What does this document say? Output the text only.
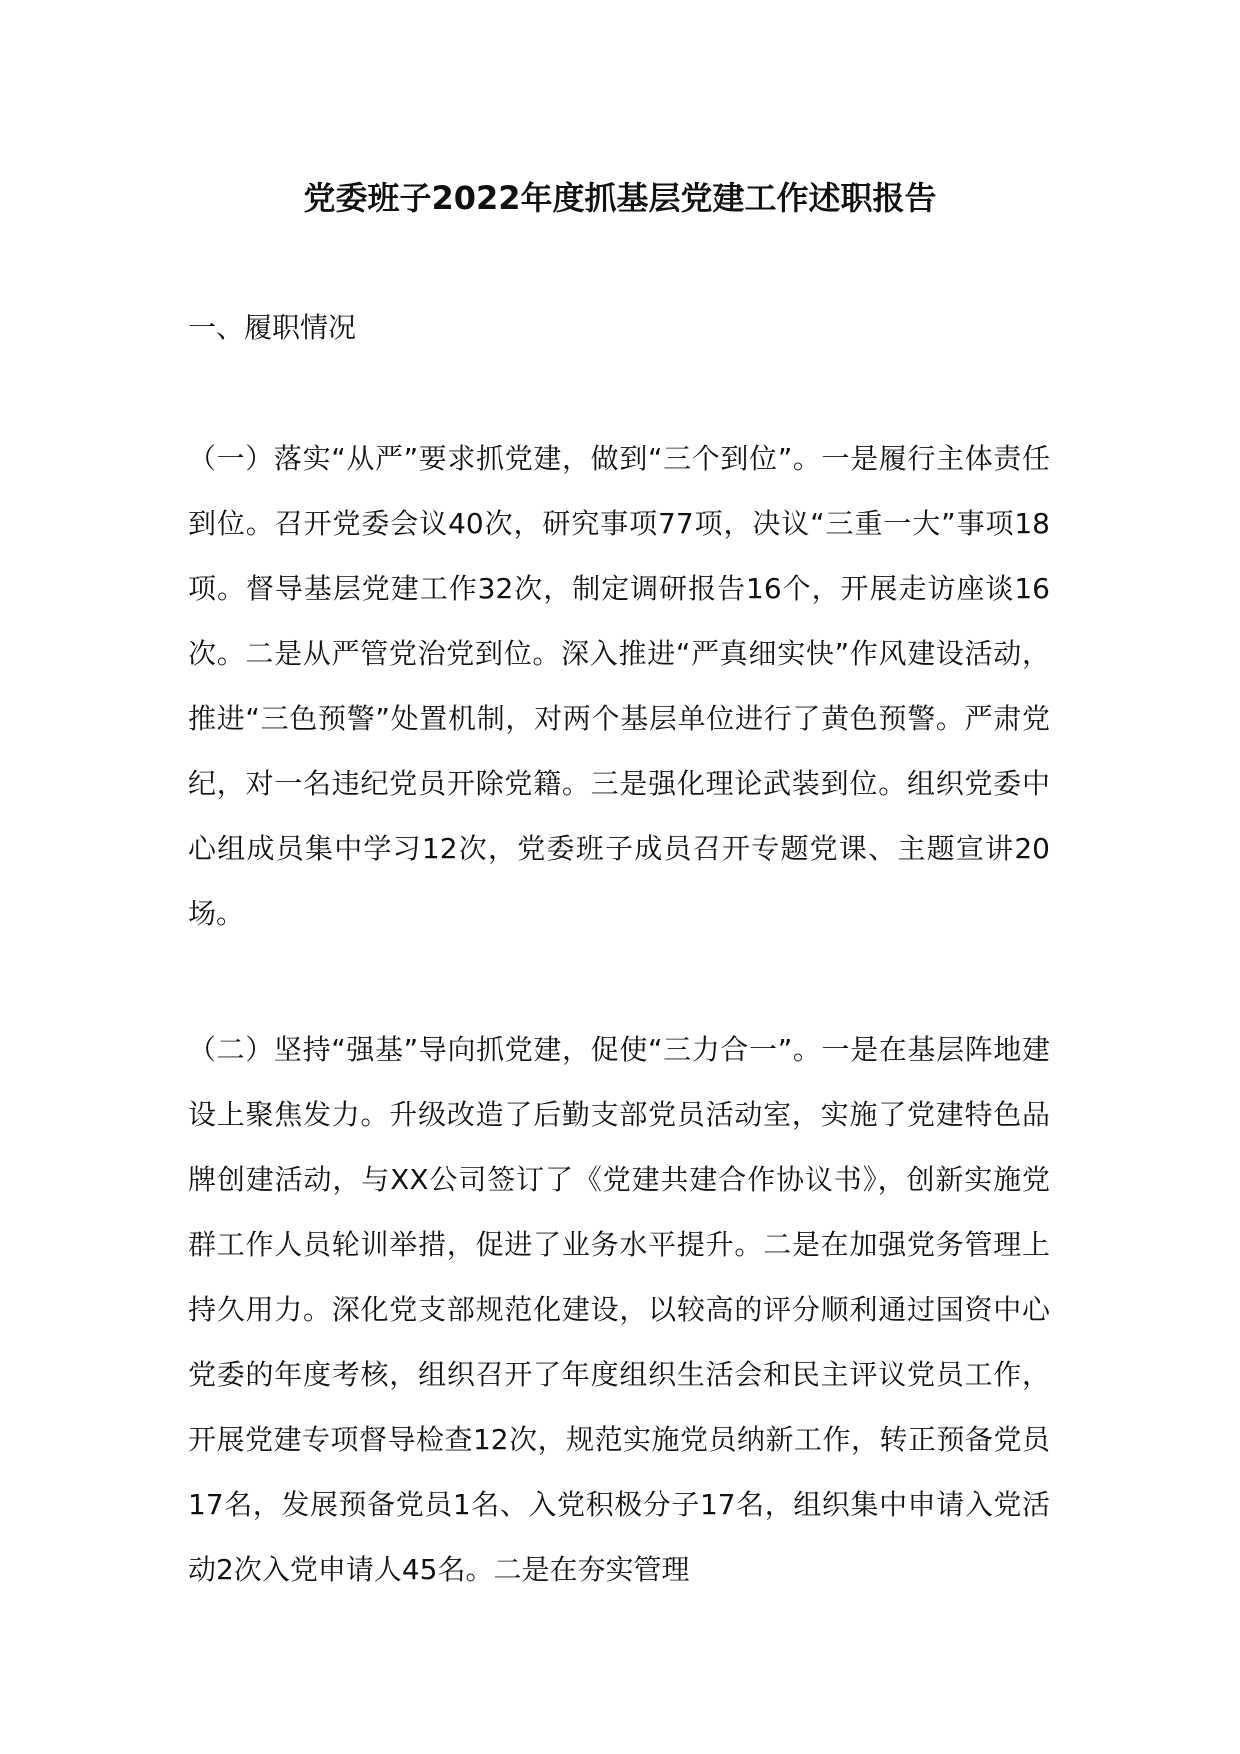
党委班子2022年度抓基层党建工作述职报告
一、履职情况

（一）落实“从严”要求抓党建，做到“三个到位”。一是履行主体责任到位。召开党委会议40次，研究事项77项，决议“三重一大”事项18项。督导基层党建工作32次，制定调研报告16个，开展走访座谈16次。二是从严管党治党到位。深入推进“严真细实快”作风建设活动，推进“三色预警”处置机制，对两个基层单位进行了黄色预警。严肃党纪，对一名违纪党员开除党籍。三是强化理论武装到位。组织党委中心组成员集中学习12次，党委班子成员召开专题党课、主题宣讲20场。

（二）坚持“强基”导向抓党建，促使“三力合一”。一是在基层阵地建设上聚焦发力。升级改造了后勤支部党员活动室，实施了党建特色品牌创建活动，与XX公司签订了《党建共建合作协议书》，创新实施党群工作人员轮训举措，促进了业务水平提升。二是在加强党务管理上持久用力。深化党支部规范化建设，以较高的评分顺利通过国资中心党委的年度考核，组织召开了年度组织生活会和民主评议党员工作，开展党建专项督导检查12次，规范实施党员纳新工作，转正预备党员17名，发展预备党员1名、入党积极分子17名，组织集中申请入党活动2次入党申请人45名。二是在夯实管理
